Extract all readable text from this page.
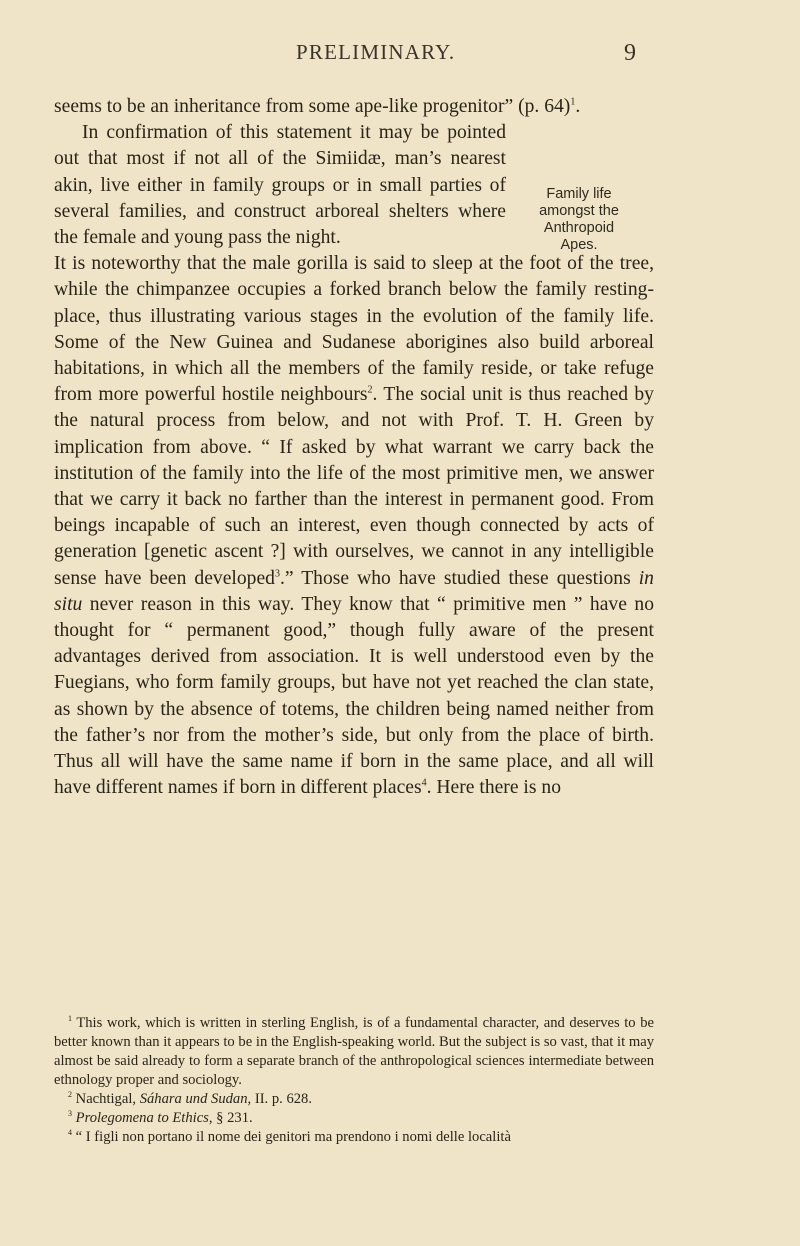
PRELIMINARY.	9
Family life
amongst the
Anthropoid
Apes.

seems to be an inheritance from some ape-like progenitor” (p. 64)$^1$.

In confirmation of this statement it may be pointed out that most if not all of the Simiidæ, man’s nearest akin, live either in family groups or in small parties of several families, and construct arboreal shelters where the female and young pass the night.

It is noteworthy that the male gorilla is said to sleep at the foot of the tree, while the chimpanzee occupies a forked branch below the family resting-place, thus illustrating various stages in the evolution of the family life. Some of the New Guinea and Sudanese aborigines also build arboreal habitations, in which all the members of the family reside, or take refuge from more powerful hostile neighbours$^2$. The social unit is thus reached by the natural process from below, and not with Prof. T. H. Green by implication from above. “ If asked by what warrant we carry back the institution of the family into the life of the most primitive men, we answer that we carry it back no farther than the interest in permanent good. From beings incapable of such an interest, even though connected by acts of generation [genetic ascent ?] with ourselves, we cannot in any intelligible sense have been developed$^3$.” Those who have studied these questions in situ never reason in this way. They know that “ primitive men ” have no thought for “ permanent good,” though fully aware of the present advantages derived from association. It is well understood even by the Fuegians, who form family groups, but have not yet reached the clan state, as shown by the absence of totems, the children being named neither from the father’s nor from the mother’s side, but only from the place of birth. Thus all will have the same name if born in the same place, and all will have different names if born in different places$^4$. Here there is no

$^1$ This work, which is written in sterling English, is of a fundamental character, and deserves to be better known than it appears to be in the English-speaking world. But the subject is so vast, that it may almost be said already to form a separate branch of the anthropological sciences intermediate between ethnology proper and sociology.

$^2$ Nachtigal, Sáhara und Sudan, II. p. 628.

$^3$ Prolegomena to Ethics, § 231.

$^4$ “ I figli non portano il nome dei genitori ma prendono i nomi delle località
